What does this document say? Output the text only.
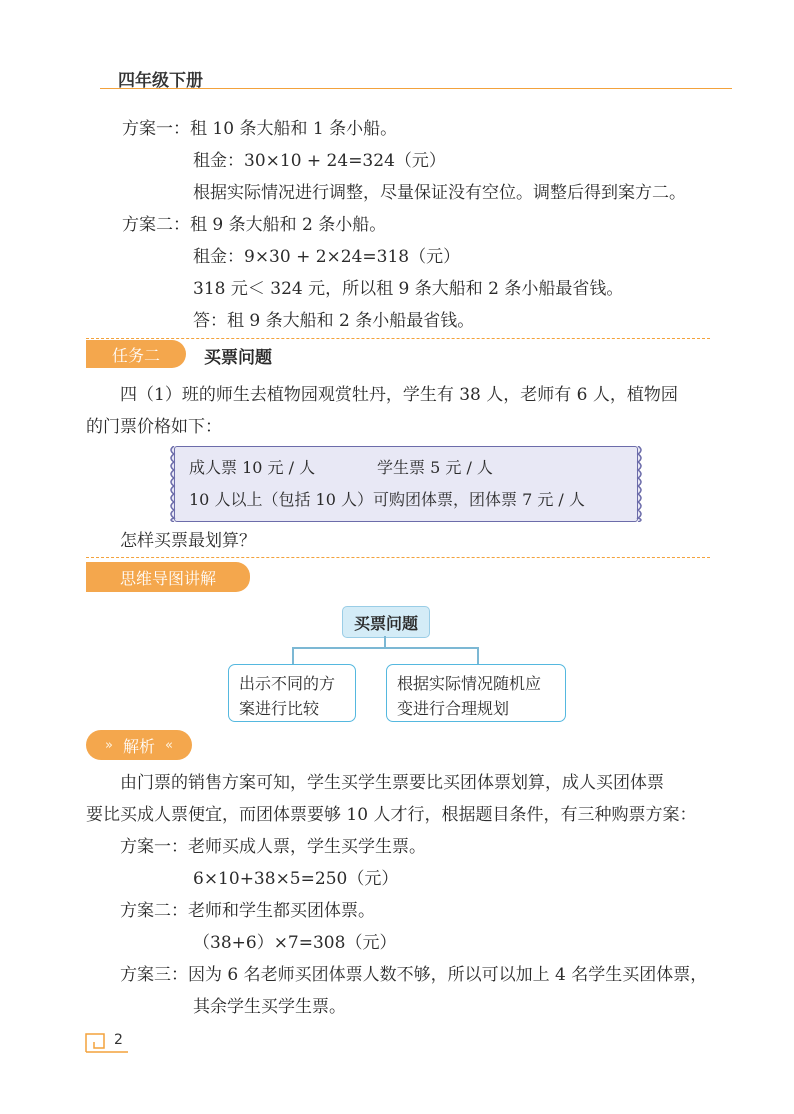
四年级下册
方案一：租 10 条大船和 1 条小船。
租金：30×10 + 24=324（元）
根据实际情况进行调整，尽量保证没有空位。调整后得到案方二。
方案二：租 9 条大船和 2 条小船。
租金：9×30 + 2×24=318（元）
318 元＜ 324 元，所以租 9 条大船和 2 条小船最省钱。
答：租 9 条大船和 2 条小船最省钱。
任务二	买票问题
四（1）班的师生去植物园观赏牡丹，学生有 38 人，老师有 6 人，植物园
的门票价格如下：
成人票 10 元 / 人	学生票 5 元 / 人
10 人以上（包括 10 人）可购团体票，团体票 7 元 / 人
怎样买票最划算？
思维导图讲解
买票问题
出示不同的方
案进行比较
根据实际情况随机应
变进行合理规划
» 解析 «
由门票的销售方案可知，学生买学生票要比买团体票划算，成人买团体票
要比买成人票便宜，而团体票要够 10 人才行，根据题目条件，有三种购票方案：
方案一：老师买成人票，学生买学生票。
6×10+38×5=250（元）
方案二：老师和学生都买团体票。
（38+6）×7=308（元）
方案三：因为 6 名老师买团体票人数不够，所以可以加上 4 名学生买团体票，
其余学生买学生票。
2
